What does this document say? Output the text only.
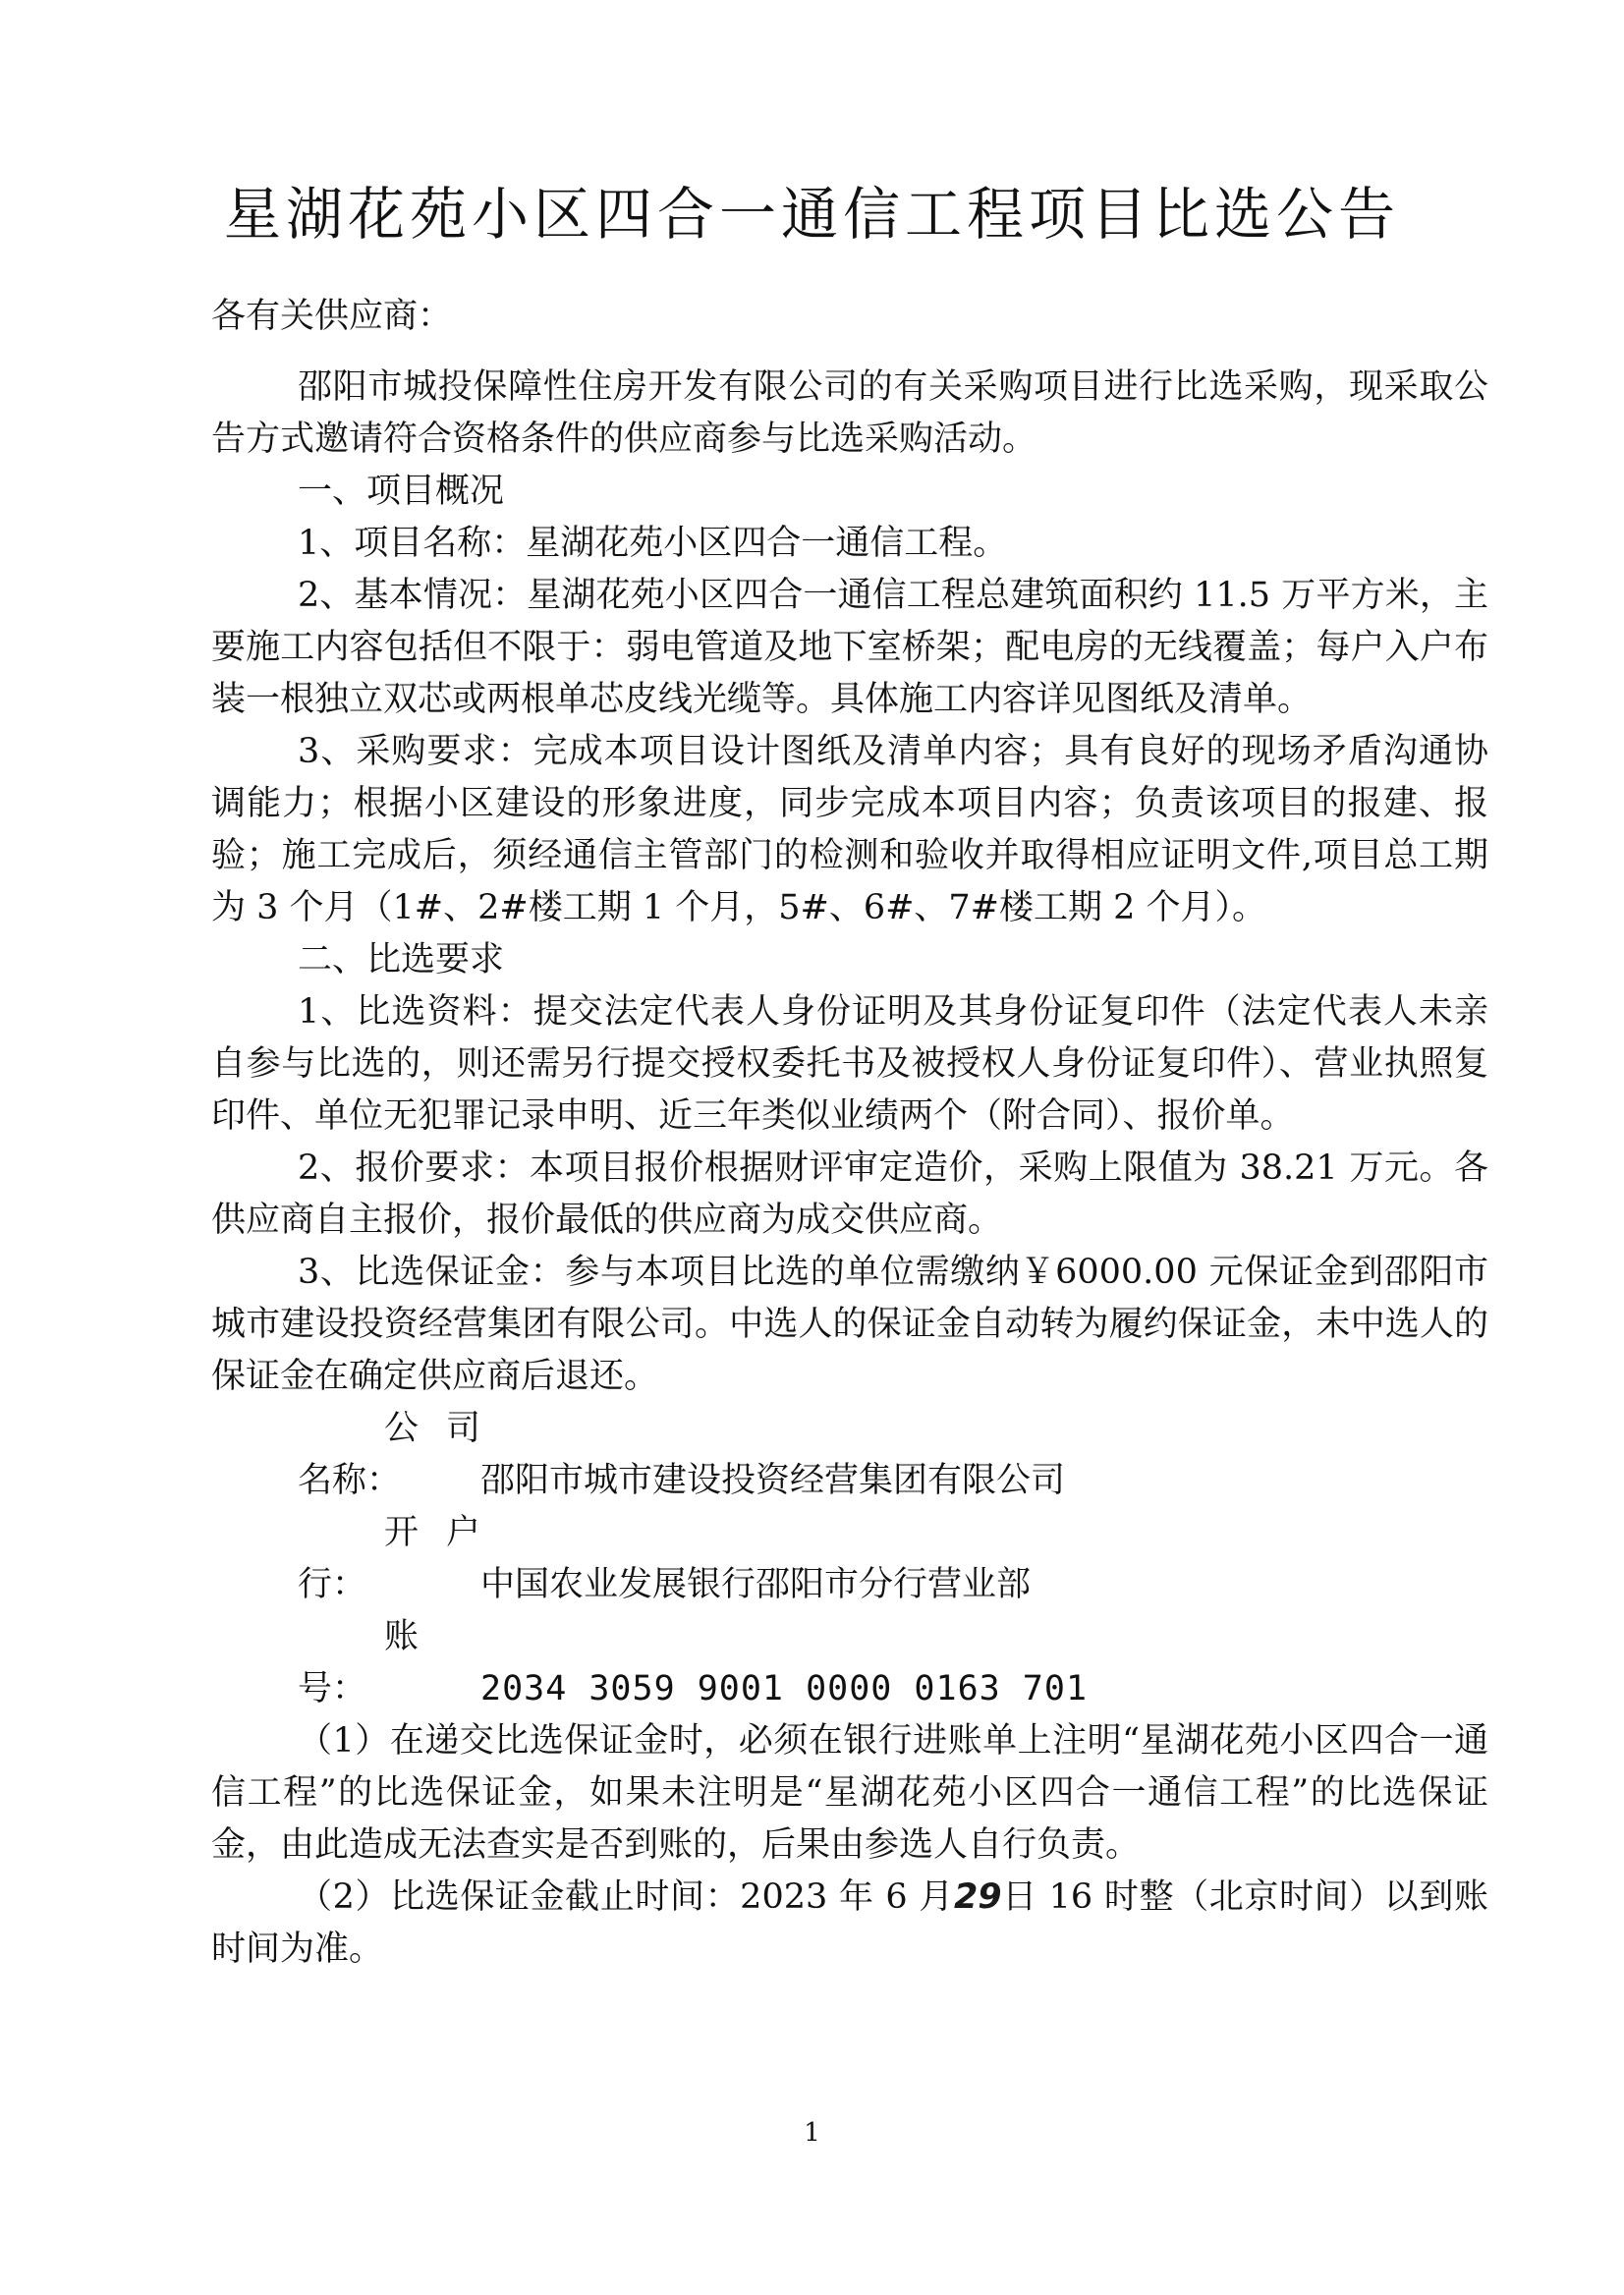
星湖花苑小区四合一通信工程项目比选公告

各有关供应商：

邵阳市城投保障性住房开发有限公司的有关采购项目进行比选采购，现采取公告方式邀请符合资格条件的供应商参与比选采购活动。

一、项目概况

1、项目名称：星湖花苑小区四合一通信工程。

2、基本情况：星湖花苑小区四合一通信工程总建筑面积约 11.5 万平方米，主要施工内容包括但不限于：弱电管道及地下室桥架；配电房的无线覆盖；每户入户布装一根独立双芯或两根单芯皮线光缆等。具体施工内容详见图纸及清单。

3、采购要求：完成本项目设计图纸及清单内容；具有良好的现场矛盾沟通协调能力；根据小区建设的形象进度，同步完成本项目内容；负责该项目的报建、报验；施工完成后，须经通信主管部门的检测和验收并取得相应证明文件,项目总工期为 3 个月（1#、2#楼工期 1 个月，5#、6#、7#楼工期 2 个月）。

二、比选要求

1、比选资料：提交法定代表人身份证明及其身份证复印件（法定代表人未亲自参与比选的，则还需另行提交授权委托书及被授权人身份证复印件）、营业执照复印件、单位无犯罪记录申明、近三年类似业绩两个（附合同）、报价单。

2、报价要求：本项目报价根据财评审定造价，采购上限值为 38.21 万元。各供应商自主报价，报价最低的供应商为成交供应商。

3、比选保证金：参与本项目比选的单位需缴纳￥6000.00 元保证金到邵阳市城市建设投资经营集团有限公司。中选人的保证金自动转为履约保证金，未中选人的保证金在确定供应商后退还。

公司名称： 邵阳市城市建设投资经营集团有限公司

开 户 行：	中国农业发展银行邵阳市分行营业部

账　　号：	2034 3059 9001 0000 0163 701

（1）在递交比选保证金时，必须在银行进账单上注明“星湖花苑小区四合一通信工程”的比选保证金，如果未注明是“星湖花苑小区四合一通信工程”的比选保证金，由此造成无法查实是否到账的，后果由参选人自行负责。

（2）比选保证金截止时间：2023 年 6 月29日 16 时整（北京时间）以到账时间为准。

1
